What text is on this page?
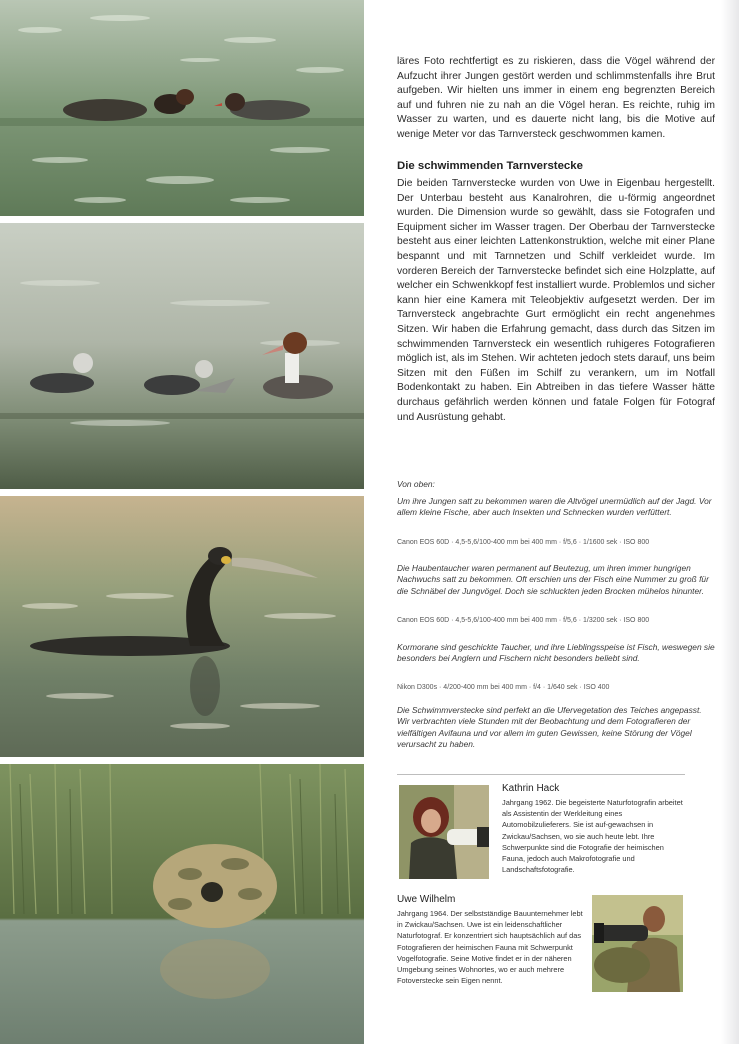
läres Foto rechtfertigt es zu riskieren, dass die Vögel während der Aufzucht ihrer Jungen gestört werden und schlimmstenfalls ihre Brut aufgeben. Wir hielten uns immer in einem eng begrenzten Bereich auf und fuhren nie zu nah an die Vögel heran. Es reichte, ruhig im Wasser zu warten, und es dauerte nicht lang, bis die Motive auf wenige Meter vor das Tarnversteck geschwommen kamen.
Die schwimmenden Tarnverstecke
Die beiden Tarnverstecke wurden von Uwe in Eigenbau hergestellt. Der Unterbau besteht aus Kanalrohren, die u-förmig angeordnet wurden. Die Dimension wurde so gewählt, dass sie Fotografen und Equipment sicher im Wasser tragen. Der Oberbau der Tarnverstecke besteht aus einer leichten Lattenkonstruktion, welche mit einer Plane bespannt und mit Tarnnetzen und Schilf verkleidet wurde. Im vorderen Bereich der Tarnverstecke befindet sich eine Holzplatte, auf welcher ein Schwenkkopf fest installiert wurde. Problemlos und sicher kann hier eine Kamera mit Teleobjektiv aufgesetzt werden. Der im Tarnversteck angebrachte Gurt ermöglicht ein recht angenehmes Sitzen. Wir haben die Erfahrung gemacht, dass durch das Sitzen im schwimmenden Tarnversteck ein wesentlich ruhigeres Fotografieren möglich ist, als im Stehen. Wir achteten jedoch stets darauf, uns beim Sitzen mit den Füßen im Schilf zu verankern, um im Notfall Bodenkontakt zu haben. Ein Abtreiben in das tiefere Wasser hätte durchaus gefährlich werden können und fatale Folgen für Fotograf und Ausrüstung gehabt.
Von oben:
Um ihre Jungen satt zu bekommen waren die Altvögel unermüdlich auf der Jagd. Vor allem kleine Fische, aber auch Insekten und Schnecken wurden verfüttert.
Canon EOS 60D · 4,5-5,6/100-400 mm bei 400 mm · f/5,6 · 1/1600 sek · ISO 800
Die Haubentaucher waren permanent auf Beutezug, um ihren immer hungrigen Nachwuchs satt zu bekommen. Oft erschien uns der Fisch eine Nummer zu groß für die Schnäbel der Jungvögel. Doch sie schluckten jeden Brocken mühelos hinunter.
Canon EOS 60D · 4,5-5,6/100-400 mm bei 400 mm · f/5,6 · 1/3200 sek · ISO 800
Kormorane sind geschickte Taucher, und ihre Lieblingsspeise ist Fisch, weswegen sie besonders bei Anglern und Fischern nicht besonders beliebt sind.
Nikon D300s · 4/200-400 mm bei 400 mm · f/4 · 1/640 sek · ISO 400
Die Schwimmverstecke sind perfekt an die Ufervegetation des Teiches angepasst. Wir verbrachten viele Stunden mit der Beobachtung und dem Fotografieren der vielfältigen Avifauna und vor allem im guten Gewissen, keine Störung der Vögel verursacht zu haben.
Kathrin Hack
Jahrgang 1962. Die begeisterte Naturfotografin arbeitet als Assistentin der Werkleitung eines Automobilzulieferers. Sie ist auf-gewachsen in Zwickau/Sachsen, wo sie auch heute lebt. Ihre Schwerpunkte sind die Fotografie der heimischen Fauna, jedoch auch Makrofotografie und Landschaftsfotografie.
Uwe Wilhelm
Jahrgang 1964. Der selbstständige Bauunternehmer lebt in Zwickau/Sachsen. Uwe ist ein leidenschaftlicher Naturfotograf. Er konzentriert sich hauptsächlich auf das Fotografieren der heimischen Fauna mit Schwerpunkt Vogelfotografie. Seine Motive findet er in der näheren Umgebung seines Wohnortes, wo er auch mehrere Fotoverstecke sein Eigen nennt.
